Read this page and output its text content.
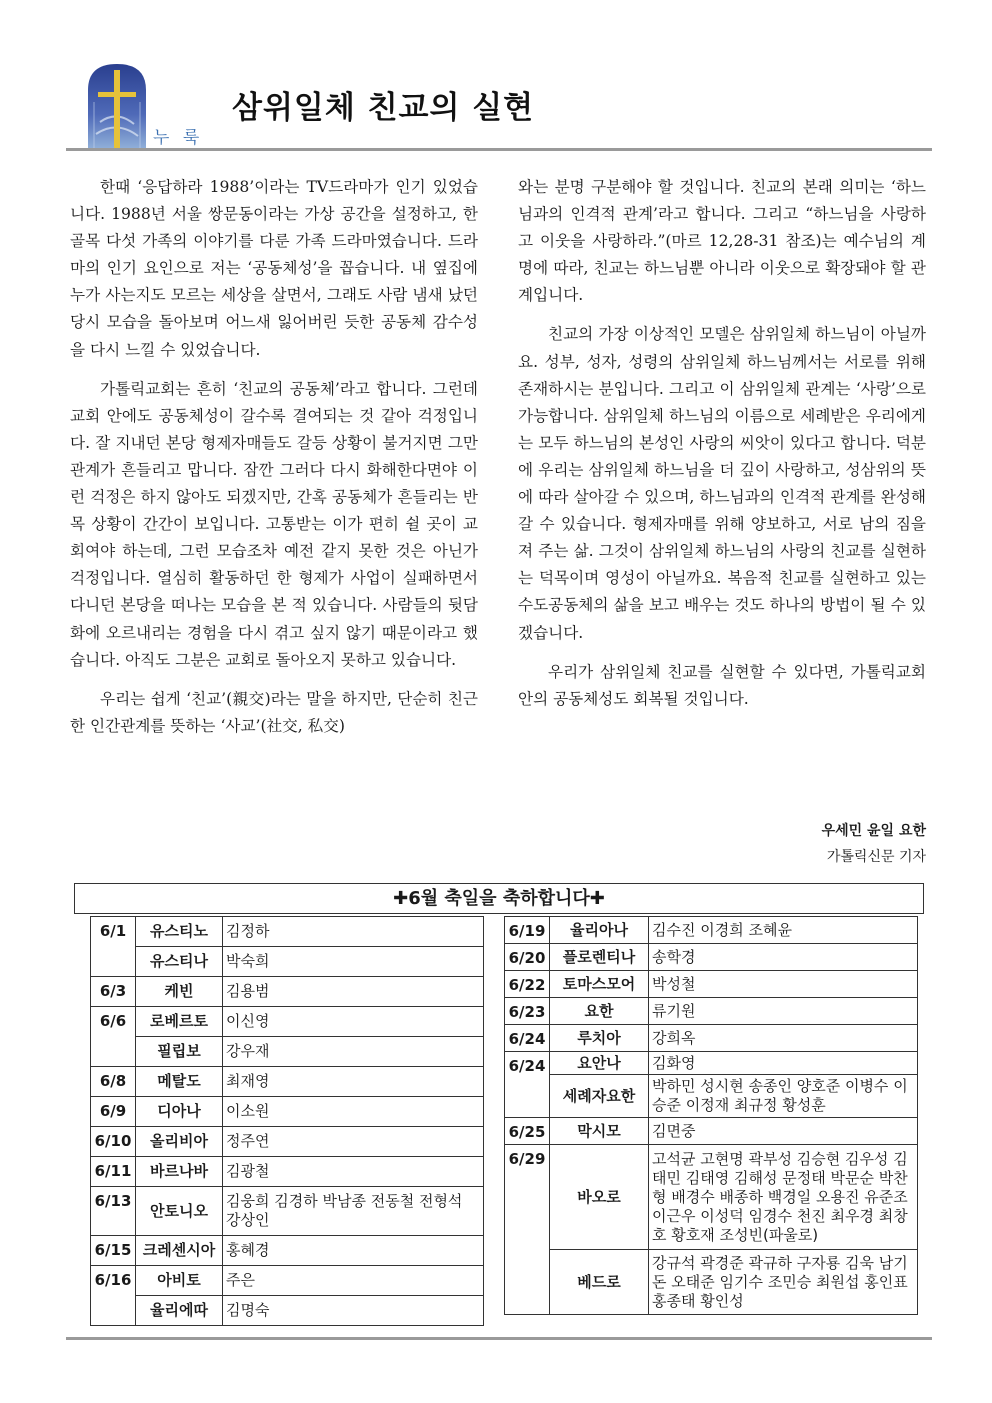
누 룩
삼위일체 친교의 실현

한때 ‘응답하라 1988’이라는 TV드라마가 인기 있었습니다. 1988년 서울 쌍문동이라는 가상 공간을 설정하고, 한 골목 다섯 가족의 이야기를 다룬 가족 드라마였습니다. 드라마의 인기 요인으로 저는 ‘공동체성’을 꼽습니다. 내 옆집에 누가 사는지도 모르는 세상을 살면서, 그래도 사람 냄새 났던 당시 모습을 돌아보며 어느새 잃어버린 듯한 공동체 감수성을 다시 느낄 수 있었습니다.

가톨릭교회는 흔히 ‘친교의 공동체’라고 합니다. 그런데 교회 안에도 공동체성이 갈수록 결여되는 것 같아 걱정입니다. 잘 지내던 본당 형제자매들도 갈등 상황이 불거지면 그만 관계가 흔들리고 맙니다. 잠깐 그러다 다시 화해한다면야 이런 걱정은 하지 않아도 되겠지만, 간혹 공동체가 흔들리는 반목 상황이 간간이 보입니다. 고통받는 이가 편히 쉴 곳이 교회여야 하는데, 그런 모습조차 예전 같지 못한 것은 아닌가 걱정입니다. 열심히 활동하던 한 형제가 사업이 실패하면서 다니던 본당을 떠나는 모습을 본 적 있습니다. 사람들의 뒷담화에 오르내리는 경험을 다시 겪고 싶지 않기 때문이라고 했습니다. 아직도 그분은 교회로 돌아오지 못하고 있습니다.

우리는 쉽게 ‘친교’(親交)라는 말을 하지만, 단순히 친근한 인간관계를 뜻하는 ‘사교’(社交, 私交)

와는 분명 구분해야 할 것입니다. 친교의 본래 의미는 ‘하느님과의 인격적 관계’라고 합니다. 그리고 “하느님을 사랑하고 이웃을 사랑하라.”(마르 12,28-31 참조)는 예수님의 계명에 따라, 친교는 하느님뿐 아니라 이웃으로 확장돼야 할 관계입니다.

친교의 가장 이상적인 모델은 삼위일체 하느님이 아닐까요. 성부, 성자, 성령의 삼위일체 하느님께서는 서로를 위해 존재하시는 분입니다. 그리고 이 삼위일체 관계는 ‘사랑’으로 가능합니다. 삼위일체 하느님의 이름으로 세례받은 우리에게는 모두 하느님의 본성인 사랑의 씨앗이 있다고 합니다. 덕분에 우리는 삼위일체 하느님을 더 깊이 사랑하고, 성삼위의 뜻에 따라 살아갈 수 있으며, 하느님과의 인격적 관계를 완성해 갈 수 있습니다. 형제자매를 위해 양보하고, 서로 남의 짐을 져 주는 삶. 그것이 삼위일체 하느님의 사랑의 친교를 실현하는 덕목이며 영성이 아닐까요. 복음적 친교를 실현하고 있는 수도공동체의 삶을 보고 배우는 것도 하나의 방법이 될 수 있겠습니다.

우리가 삼위일체 친교를 실현할 수 있다면, 가톨릭교회 안의 공동체성도 회복될 것입니다.

우세민 윤일 요한
가톨릭신문 기자
✚6월 축일을 축하합니다✚
6/1	유스티노	김정하
	유스티나	박숙희
6/3	케빈	김용범
6/6	로베르토	이신영
	필립보	강우재
6/8	메탈도	최재영
6/9	디아나	이소원
6/10	올리비아	정주연
6/11	바르나바	김광철
6/13	안토니오	김웅희 김경하 박남종 전동철 전형석 강상인
6/15	크레센시아	홍혜경
6/16	아비토	주은
	율리에따	김명숙
6/19	율리아나	김수진 이경희 조혜윤
6/20	플로렌티나	송학경
6/22	토마스모어	박성철
6/23	요한	류기원
6/24	루치아	강희옥
6/24	요안나	김화영
	세례자요한	박하민 성시현 송종인 양호준 이병수 이승준 이정재 최규정 황성훈
6/25	막시모	김면중
6/29	바오로	고석균 고현명 곽부성 김승현 김우성 김태민 김태영 김해성 문정태 박문순 박찬형 배경수 배종하 백경일 오용진 유준조 이근우 이성덕 임경수 천진 최우경 최창호 황호재 조성빈(파울로)
	베드로	강규석 곽경준 곽규하 구자룡 김욱 남기돈 오태준 임기수 조민승 최원섭 홍인표 홍종태 황인성
